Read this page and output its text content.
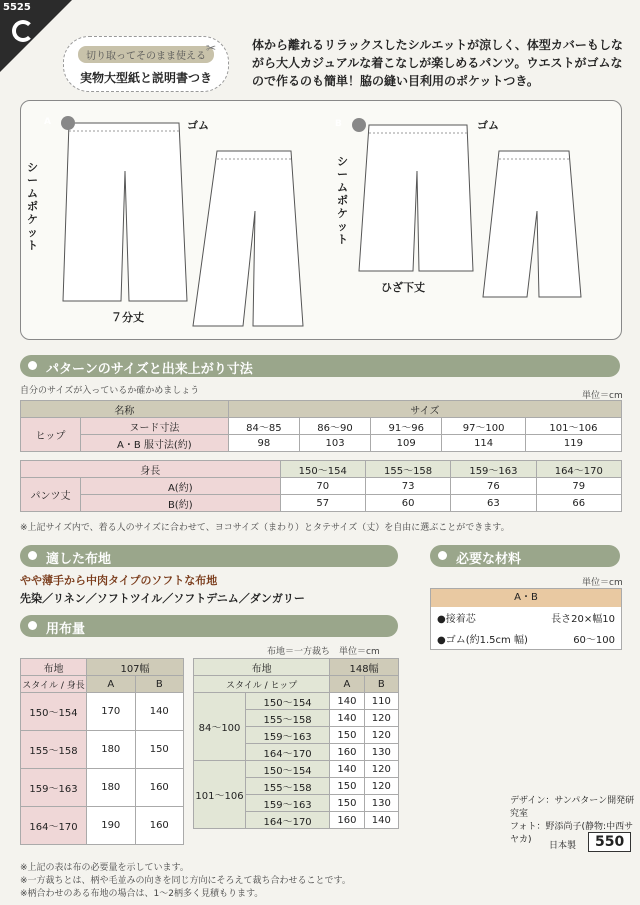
5525
切り取ってそのまま使える
✂
実物大型紙と説明書つき
体から離れるリラックスしたシルエットが涼しく、体型カバーもしながら大人カジュアルな着こなしが楽しめるパンツ。ウエストがゴムなので作るのも簡単！脇の縫い目利用のポケットつき。
A	B
ゴム	ゴム
シームポケット
シームポケット
７分丈
ひざ下丈
パターンのサイズと出来上がり寸法
自分のサイズが入っているか確かめましょう	単位＝cm
名称		サイズ				
ヒップ	ヌード寸法	84〜85	86〜90	91〜96	97〜100	101〜106
	A・B 服寸法(約)	98	103	109	114	119
身長		150〜154	155〜158	159〜163	164〜170
パンツ丈	A(約)	70	73	76	79
	B(約)	57	60	63	66
※上記サイズ内で、着る人のサイズに合わせて、ヨコサイズ（まわり）とタテサイズ（丈）を自由に選ぶことができます。
適した布地
やや薄手から中肉タイプのソフトな布地
先染／リネン／ソフトツイル／ソフトデニム／ダンガリー
必要な材料
単位＝cm
A・B
●接着芯	長さ20×幅10
●ゴム(約1.5cm 幅)	60〜100
用布量
布地＝一方裁ち　単位＝cm
布地	107幅	
スタイル / 身長	A	B
150〜154	170	140
155〜158	180	150
159〜163	180	160
164〜170	190	160
布地		148幅	
スタイル / ヒップ		A	B
84〜100	150〜154	140	110
	155〜158	140	120
	159〜163	150	120
	164〜170	160	130
101〜106	150〜154	140	120
	155〜158	150	120
	159〜163	150	130
	164〜170	160	140
※上記の表は布の必要量を示しています。
※一方裁ちとは、柄や毛並みの向きを同じ方向にそろえて裁ち合わせることです。
※柄合わせのある布地の場合は、1〜2柄多く見積もります。
デザイン：サンパターン開発研究室
フォト：野添尚子(静物:中西サヤカ)
日本製	550
